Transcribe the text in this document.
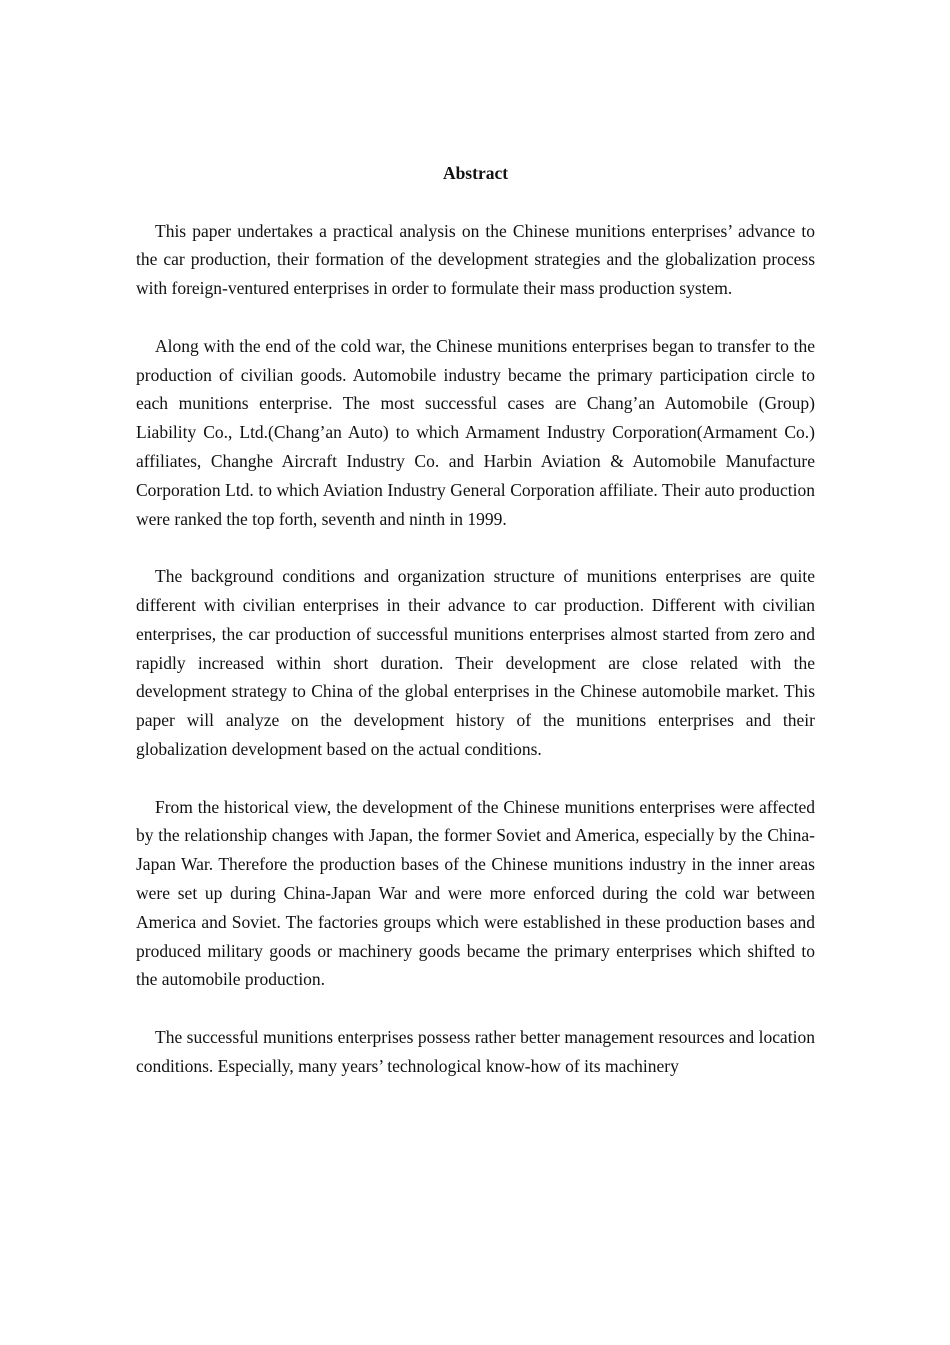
Abstract

This paper undertakes a practical analysis on the Chinese munitions enterprises’ advance to the car production, their formation of the development strategies and the globalization process with foreign-ventured enterprises in order to formulate their mass production system.

Along with the end of the cold war, the Chinese munitions enterprises began to transfer to the production of civilian goods. Automobile industry became the primary participation circle to each munitions enterprise. The most successful cases are Chang’an Automobile (Group) Liability Co., Ltd.(Chang’an Auto) to which Armament Industry Corporation(Armament Co.) affiliates, Changhe Aircraft Industry Co. and Harbin Aviation & Automobile Manufacture Corporation Ltd. to which Aviation Industry General Corporation affiliate. Their auto production were ranked the top forth, seventh and ninth in 1999.

The background conditions and organization structure of munitions enterprises are quite different with civilian enterprises in their advance to car production. Different with civilian enterprises, the car production of successful munitions enterprises almost started from zero and rapidly increased within short duration. Their development are close related with the development strategy to China of the global enterprises in the Chinese automobile market. This paper will analyze on the development history of the munitions enterprises and their globalization development based on the actual conditions.

From the historical view, the development of the Chinese munitions enterprises were affected by the relationship changes with Japan, the former Soviet and America, especially by the China-Japan War. Therefore the production bases of the Chinese munitions industry in the inner areas were set up during China-Japan War and were more enforced during the cold war between America and Soviet. The factories groups which were established in these production bases and produced military goods or machinery goods became the primary enterprises which shifted to the automobile production.

The successful munitions enterprises possess rather better management resources and location conditions. Especially, many years’ technological know-how of its machinery
